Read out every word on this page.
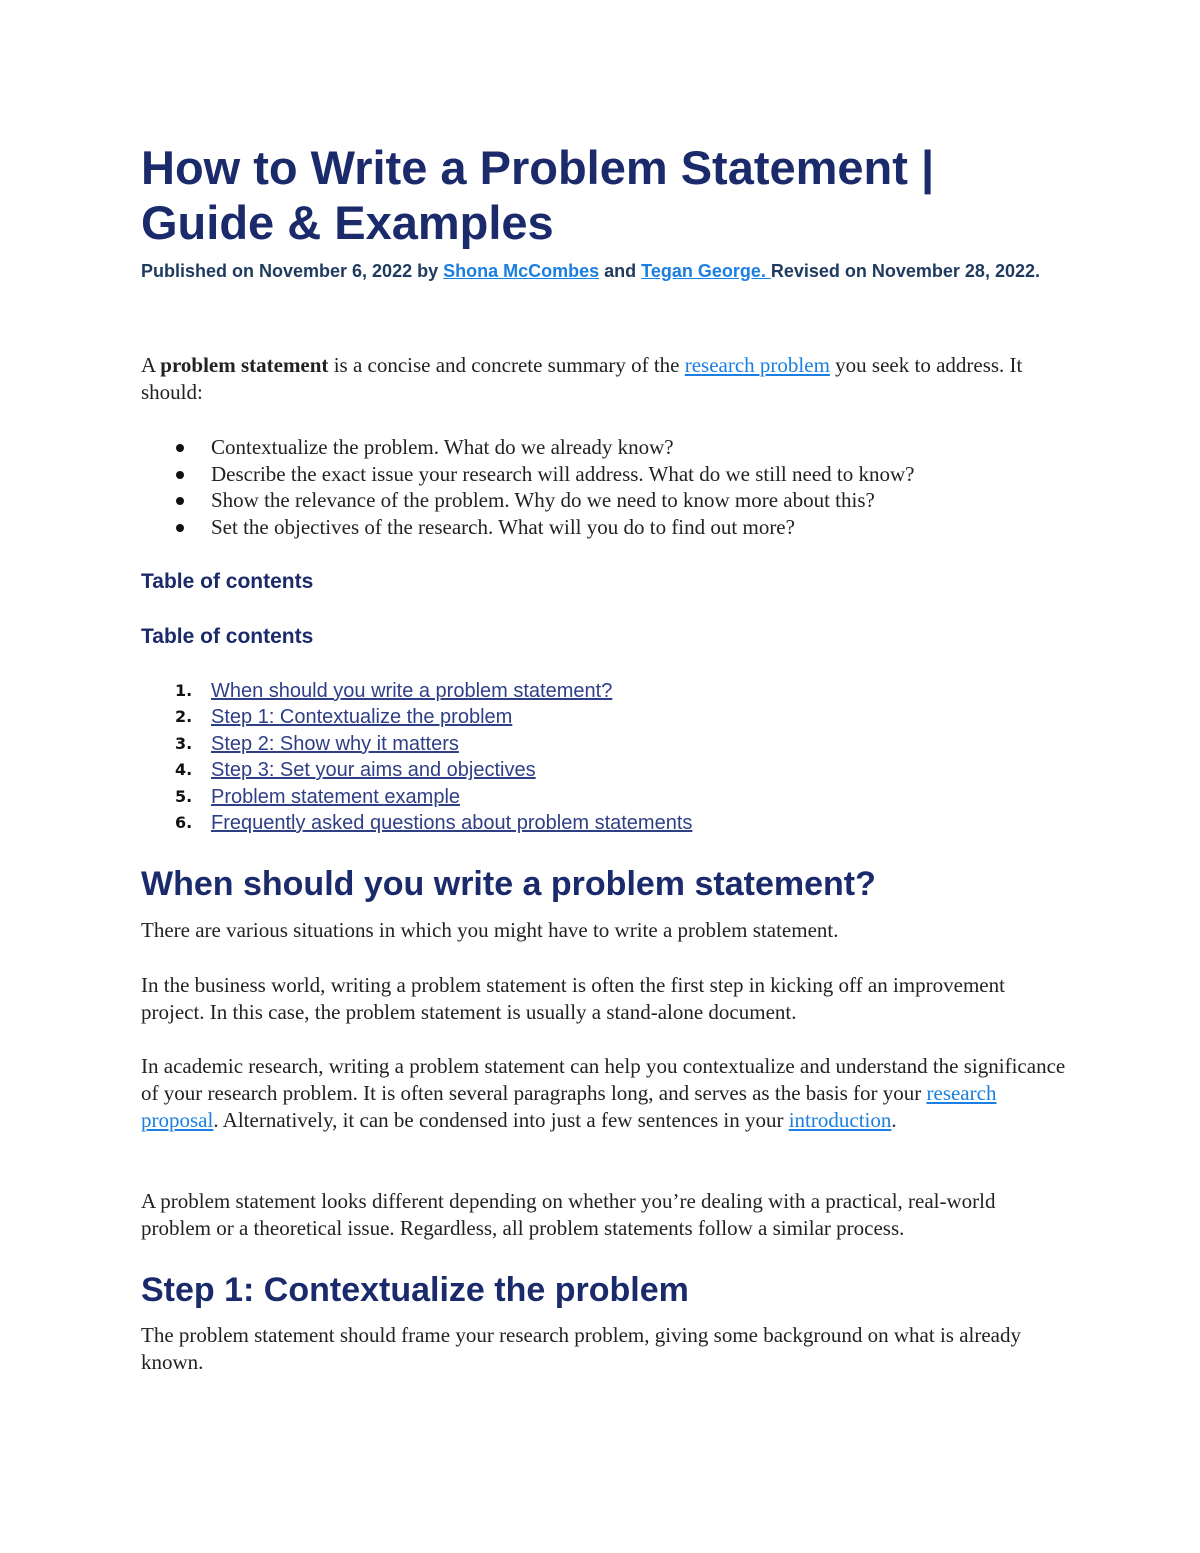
How to Write a Problem Statement | Guide & Examples

Published on November 6, 2022 by Shona McCombes and Tegan George. Revised on November 28, 2022.

A problem statement is a concise and concrete summary of the research problem you seek to address. It should:

Contextualize the problem. What do we already know?
Describe the exact issue your research will address. What do we still need to know?
Show the relevance of the problem. Why do we need to know more about this?
Set the objectives of the research. What will you do to find out more?
Table of contents
Table of contents
1. When should you write a problem statement?
2. Step 1: Contextualize the problem
3. Step 2: Show why it matters
4. Step 3: Set your aims and objectives
5. Problem statement example
6. Frequently asked questions about problem statements
When should you write a problem statement?

There are various situations in which you might have to write a problem statement.

In the business world, writing a problem statement is often the first step in kicking off an improvement project. In this case, the problem statement is usually a stand-alone document.

In academic research, writing a problem statement can help you contextualize and understand the significance of your research problem. It is often several paragraphs long, and serves as the basis for your research proposal. Alternatively, it can be condensed into just a few sentences in your introduction.

A problem statement looks different depending on whether you’re dealing with a practical, real-world problem or a theoretical issue. Regardless, all problem statements follow a similar process.

Step 1: Contextualize the problem

The problem statement should frame your research problem, giving some background on what is already known.
